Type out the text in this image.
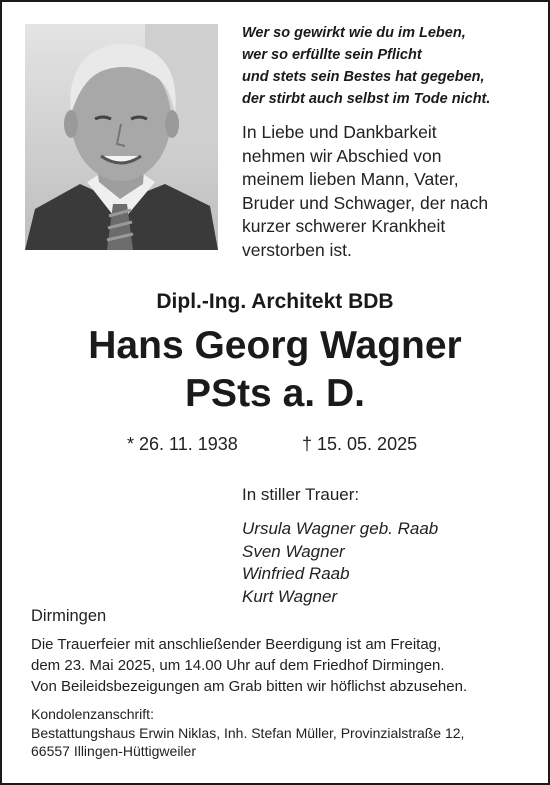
Wer so gewirkt wie du im Leben,
wer so erfüllte sein Pflicht
und stets sein Bestes hat gegeben,
der stirbt auch selbst im Tode nicht.
In Liebe und Dankbarkeit
nehmen wir Abschied von
meinem lieben Mann, Vater,
Bruder und Schwager, der nach
kurzer schwerer Krankheit
verstorben ist.
Dipl.-Ing. Architekt BDB
Hans Georg Wagner
PSts a. D.
* 26. 11. 1938	† 15. 05. 2025
In stiller Trauer:
Ursula Wagner geb. Raab
Sven Wagner
Winfried Raab
Kurt Wagner
Dirmingen
Die Trauerfeier mit anschließender Beerdigung ist am Freitag,
dem 23. Mai 2025, um 14.00 Uhr auf dem Friedhof Dirmingen.
Von Beileidsbezeigungen am Grab bitten wir höflichst abzusehen.
Kondolenzanschrift:
Bestattungshaus Erwin Niklas, Inh. Stefan Müller, Provinzialstraße 12,
66557 Illingen-Hüttigweiler
